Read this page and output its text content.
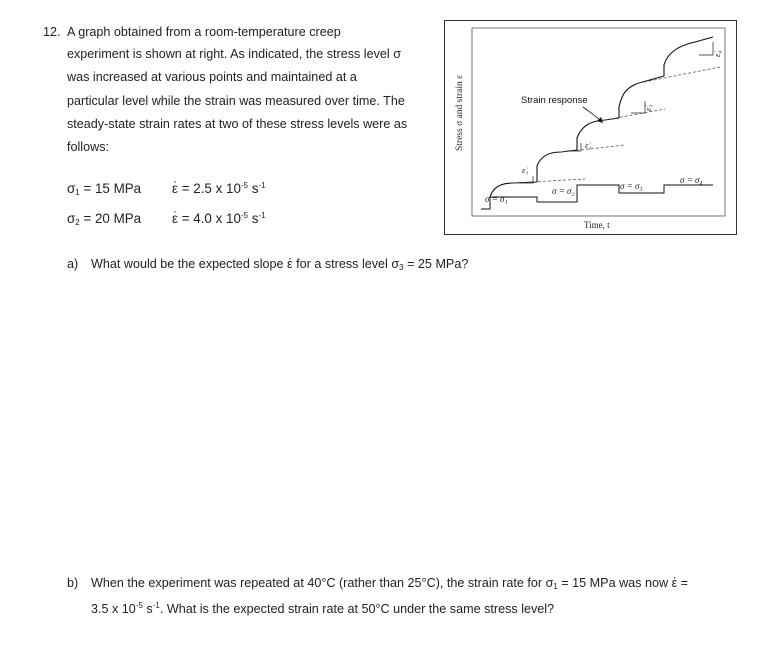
12. A graph obtained from a room-temperature creep
experiment is shown at right. As indicated, the stress level σ
was increased at various points and maintained at a
particular level while the strain was measured over time. The
steady-state strain rates at two of these stress levels were as
follows:
$\sigma_1 = 15$ MPa · ε = 2.5 x $10^{-5}$ $s^{-1}$
$\sigma_2 = 20$ MPa · ε = 4.0 x $10^{-5}$ $s^{-1}$
a) What would be the expected slope · ε for a stress level $\sigma_3 = 25$ MPa?
b) When the experiment was repeated at 40°C (rather than 25°C), the strain rate for $\sigma_1 = 15$ MPa was now · ε =
3.5 x $10^{-5}$ $s^{-1}$. What is the expected strain rate at 50°C under the same stress level?
Stress σ and strain ε
ε̇₁
ε̇₂
ε̇₃
ε̇₄
Strain response
σ = σ₁
σ = σ₂	σ = σ₃
σ = σ₄
Time, t
